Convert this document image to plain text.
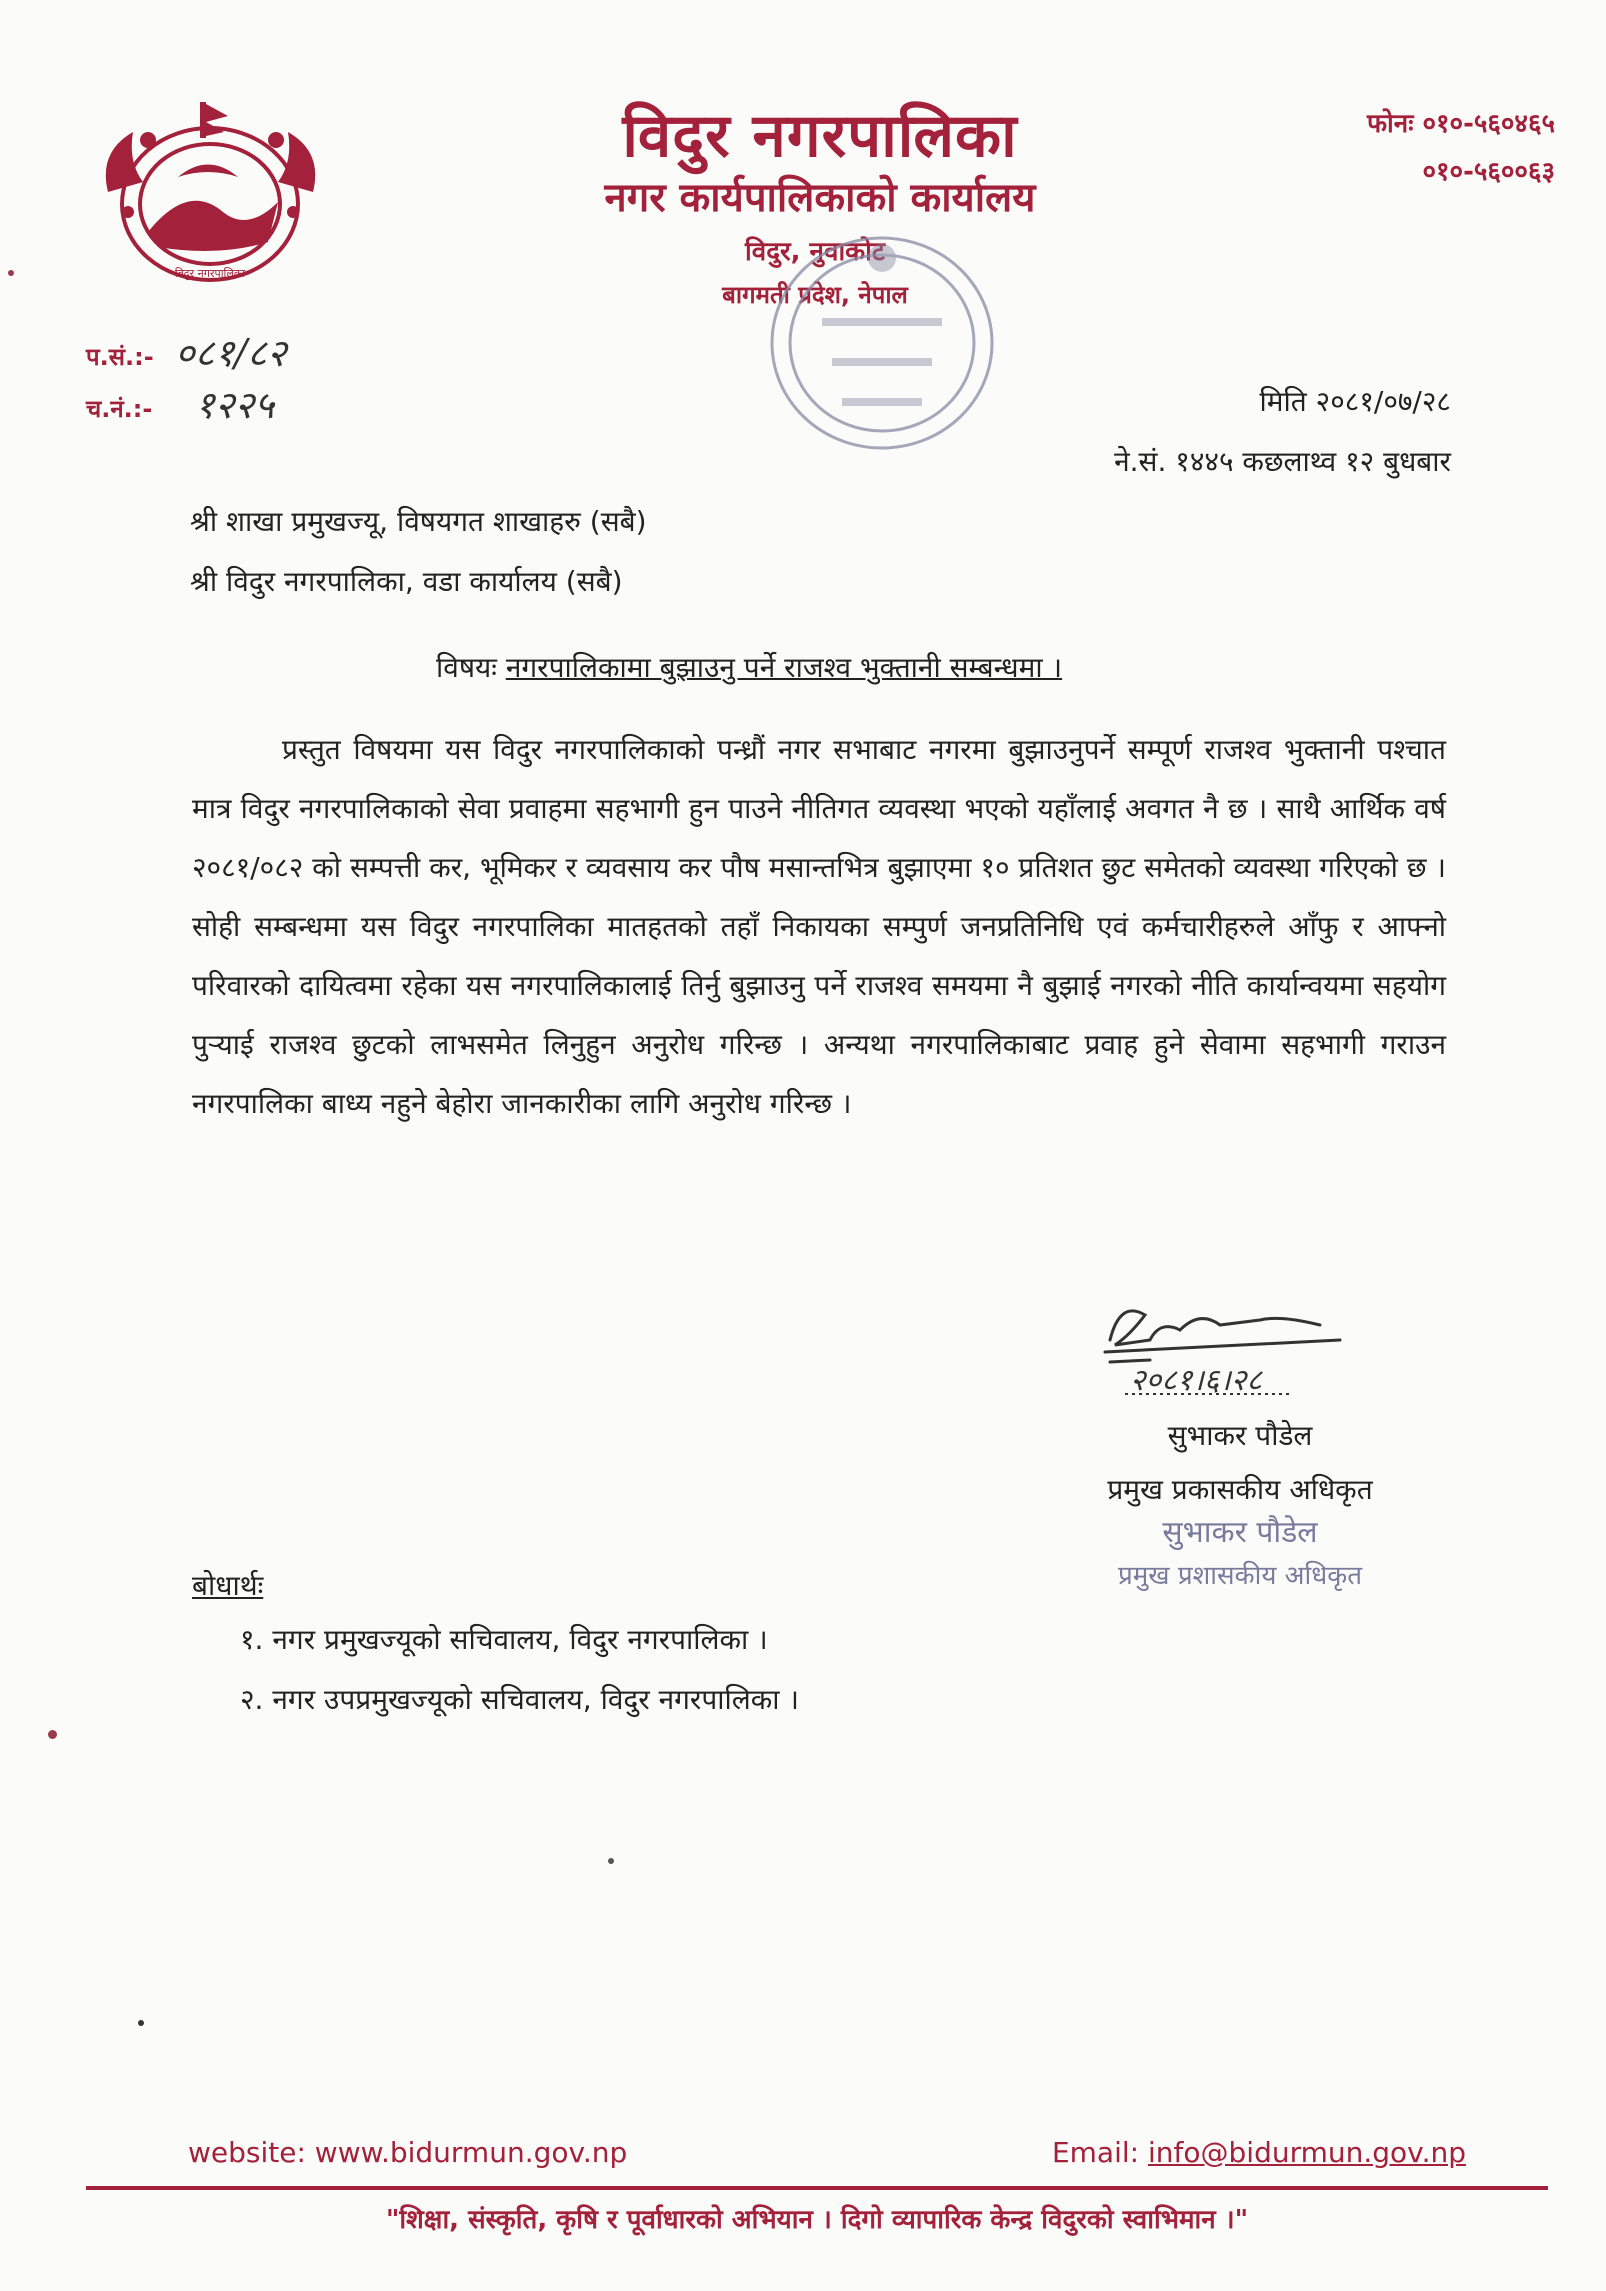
विदुर नगरपालिका
विदुर नगरपालिका
नगर कार्यपालिकाको कार्यालय
विदुर, नुवाकोट
बागमती प्रदेश, नेपाल
फोनः ०१०-५६०४६५
०१०-५६००६३
प.सं.:- ०८१/८२
च.नं.:- १२२५	मिति २०८१/०७/२८
ने.सं. १४४५ कछलाथ्व १२ बुधबार
श्री शाखा प्रमुखज्यू, विषयगत शाखाहरु (सबै)
श्री विदुर नगरपालिका, वडा कार्यालय (सबै)
विषयः नगरपालिकामा बुझाउनु पर्ने राजश्व भुक्तानी सम्बन्धमा ।
प्रस्तुत विषयमा यस विदुर नगरपालिकाको पन्ध्रौं नगर सभाबाट नगरमा बुझाउनुपर्ने सम्पूर्ण राजश्व भुक्तानी पश्चात मात्र विदुर नगरपालिकाको सेवा प्रवाहमा सहभागी हुन पाउने नीतिगत व्यवस्था भएको यहाँलाई अवगत नै छ । साथै आर्थिक वर्ष २०८१/०८२ को सम्पत्ती कर, भूमिकर र व्यवसाय कर पौष मसान्तभित्र बुझाएमा १० प्रतिशत छुट समेतको व्यवस्था गरिएको छ । सोही सम्बन्धमा यस विदुर नगरपालिका मातहतको तहाँ निकायका सम्पुर्ण जनप्रतिनिधि एवं कर्मचारीहरुले आँफु र आफ्नो परिवारको दायित्वमा रहेका यस नगरपालिकालाई तिर्नु बुझाउनु पर्ने राजश्व समयमा नै बुझाई नगरको नीति कार्यान्वयमा सहयोग पुर्‍याई राजश्व छुटको लाभसमेत लिनुहुन अनुरोध गरिन्छ । अन्यथा नगरपालिकाबाट प्रवाह हुने सेवामा सहभागी गराउन नगरपालिका बाध्य नहुने बेहोरा जानकारीका लागि अनुरोध गरिन्छ ।
२०८१।६।२८
सुभाकर पौडेल
प्रमुख प्रकासकीय अधिकृत
सुभाकर पौडेल
प्रमुख प्रशासकीय अधिकृत
बोधार्थः
१. नगर प्रमुखज्यूको सचिवालय, विदुर नगरपालिका ।
२. नगर उपप्रमुखज्यूको सचिवालय, विदुर नगरपालिका ।
website: www.bidurmun.gov.np	Email: info@bidurmun.gov.np
"शिक्षा, संस्कृति, कृषि र पूर्वाधारको अभियान । दिगो व्यापारिक केन्द्र विदुरको स्वाभिमान ।"
